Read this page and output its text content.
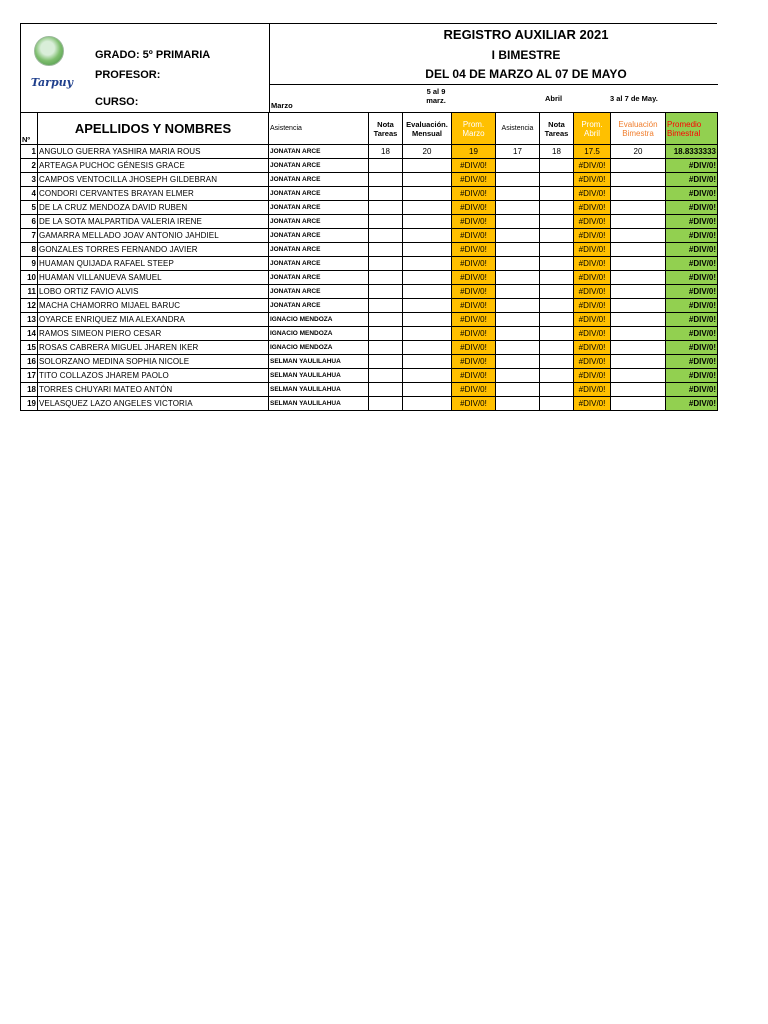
Tarpuy
GRADO: 5º PRIMARIA
PROFESOR:
CURSO:
REGISTRO AUXILIAR 2021
I BIMESTRE
DEL 04 DE MARZO AL 07 DE MAYO
Marzo
5 al 9 marz.	Abril	3 al 7 de May.
Nº	APELLIDOS Y NOMBRES	Asistencia	Nota Tareas	Evaluación. Mensual	Prom. Marzo	Asistencia	Nota Tareas	Prom. Abril	Evaluación Bimestra	Promedio Bimestral
1	ANGULO GUERRA YASHIRA MARIA ROUS	JONATAN ARCE	18	20	19	17	18	17.5	20	18.8333333
2	ARTEAGA PUCHOC GÉNESIS GRACE	JONATAN ARCE			#DIV/0!			#DIV/0!		#DIV/0!
3	CAMPOS VENTOCILLA JHOSEPH GILDEBRAN	JONATAN ARCE			#DIV/0!			#DIV/0!		#DIV/0!
4	CONDORI CERVANTES BRAYAN ELMER	JONATAN ARCE			#DIV/0!			#DIV/0!		#DIV/0!
5	DE LA CRUZ MENDOZA DAVID RUBEN	JONATAN ARCE			#DIV/0!			#DIV/0!		#DIV/0!
6	DE LA SOTA MALPARTIDA VALERIA IRENE	JONATAN ARCE			#DIV/0!			#DIV/0!		#DIV/0!
7	GAMARRA MELLADO JOAV ANTONIO JAHDIEL	JONATAN ARCE			#DIV/0!			#DIV/0!		#DIV/0!
8	GONZALES TORRES FERNANDO JAVIER	JONATAN ARCE			#DIV/0!			#DIV/0!		#DIV/0!
9	HUAMAN QUIJADA RAFAEL STEEP	JONATAN ARCE			#DIV/0!			#DIV/0!		#DIV/0!
10	HUAMAN VILLANUEVA SAMUEL	JONATAN ARCE			#DIV/0!			#DIV/0!		#DIV/0!
11	LOBO ORTIZ FAVIO ALVIS	JONATAN ARCE			#DIV/0!			#DIV/0!		#DIV/0!
12	MACHA CHAMORRO MIJAEL BARUC	JONATAN ARCE			#DIV/0!			#DIV/0!		#DIV/0!
13	OYARCE ENRIQUEZ MIA ALEXANDRA	IGNACIO MENDOZA			#DIV/0!			#DIV/0!		#DIV/0!
14	RAMOS SIMEON PIERO CESAR	IGNACIO MENDOZA			#DIV/0!			#DIV/0!		#DIV/0!
15	ROSAS CABRERA MIGUEL JHAREN IKER	IGNACIO MENDOZA			#DIV/0!			#DIV/0!		#DIV/0!
16	SOLORZANO MEDINA SOPHIA NICOLE	SELMAN YAULILAHUA			#DIV/0!			#DIV/0!		#DIV/0!
17	TITO COLLAZOS JHAREM PAOLO	SELMAN YAULILAHUA			#DIV/0!			#DIV/0!		#DIV/0!
18	TORRES CHUYARI MATEO ANTÓN	SELMAN YAULILAHUA			#DIV/0!			#DIV/0!		#DIV/0!
19	VELASQUEZ LAZO ANGELES VICTORIA	SELMAN YAULILAHUA			#DIV/0!			#DIV/0!		#DIV/0!
